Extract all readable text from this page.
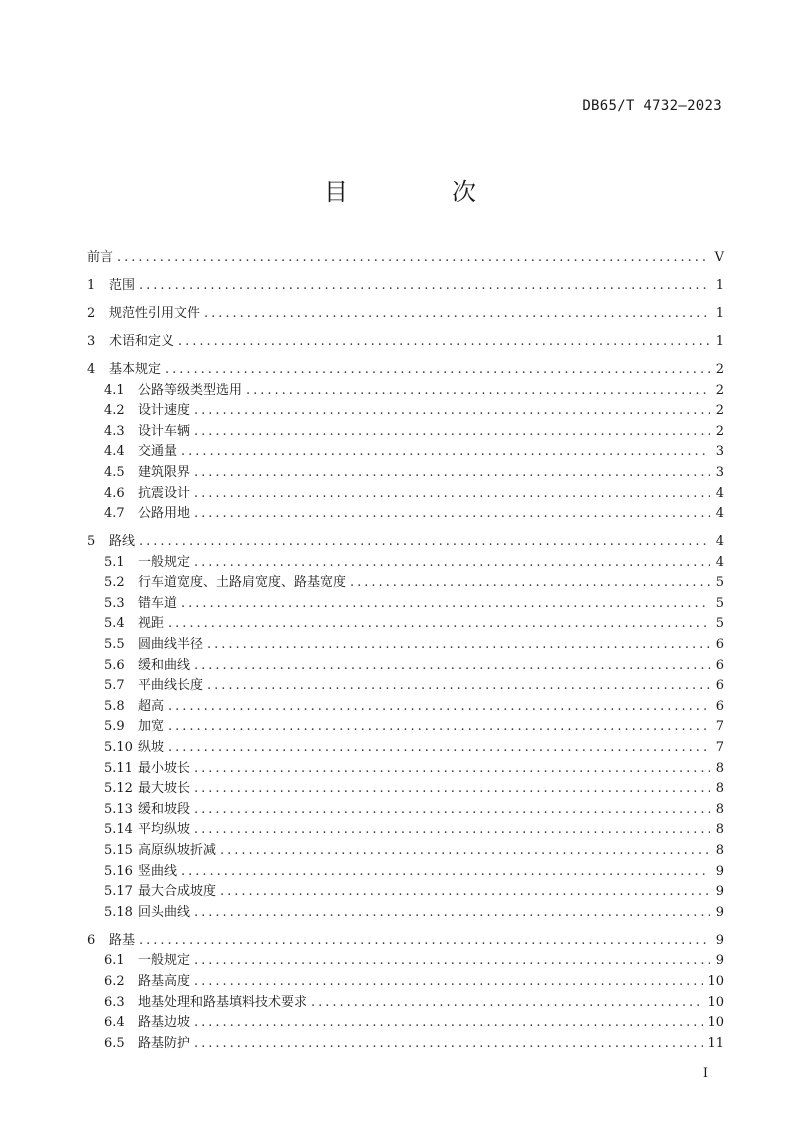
DB65/T 4732—2023
目　次
前言 .....	V
1	范围 .....	1
2	规范性引用文件 .....	1
3	术语和定义 .....	1
4	基本规定 .....	2
4.1	公路等级类型选用 .....	2
4.2	设计速度 .....	2
4.3	设计车辆 .....	2
4.4	交通量 .....	3
4.5	建筑限界 .....	3
4.6	抗震设计 .....	4
4.7	公路用地 .....	4
5	路线 .....	4
5.1	一般规定 .....	4
5.2	行车道宽度、土路肩宽度、路基宽度 .....	5
5.3	错车道 .....	5
5.4	视距 .....	5
5.5	圆曲线半径 .....	6
5.6	缓和曲线 .....	6
5.7	平曲线长度 .....	6
5.8	超高 .....	6
5.9	加宽 .....	7
5.10 纵坡 .....	7
5.11 最小坡长 .....	8
5.12 最大坡长 .....	8
5.13 缓和坡段 .....	8
5.14 平均纵坡 .....	8
5.15 高原纵坡折减 .....	8
5.16 竖曲线 .....	9
5.17 最大合成坡度 .....	9
5.18 回头曲线 .....	9
6	路基 .....	9
6.1	一般规定 .....	9
6.2	路基高度 .....	10
6.3	地基处理和路基填料技术要求 .....	10
6.4	路基边坡 .....	10
6.5	路基防护 .....	11
I
